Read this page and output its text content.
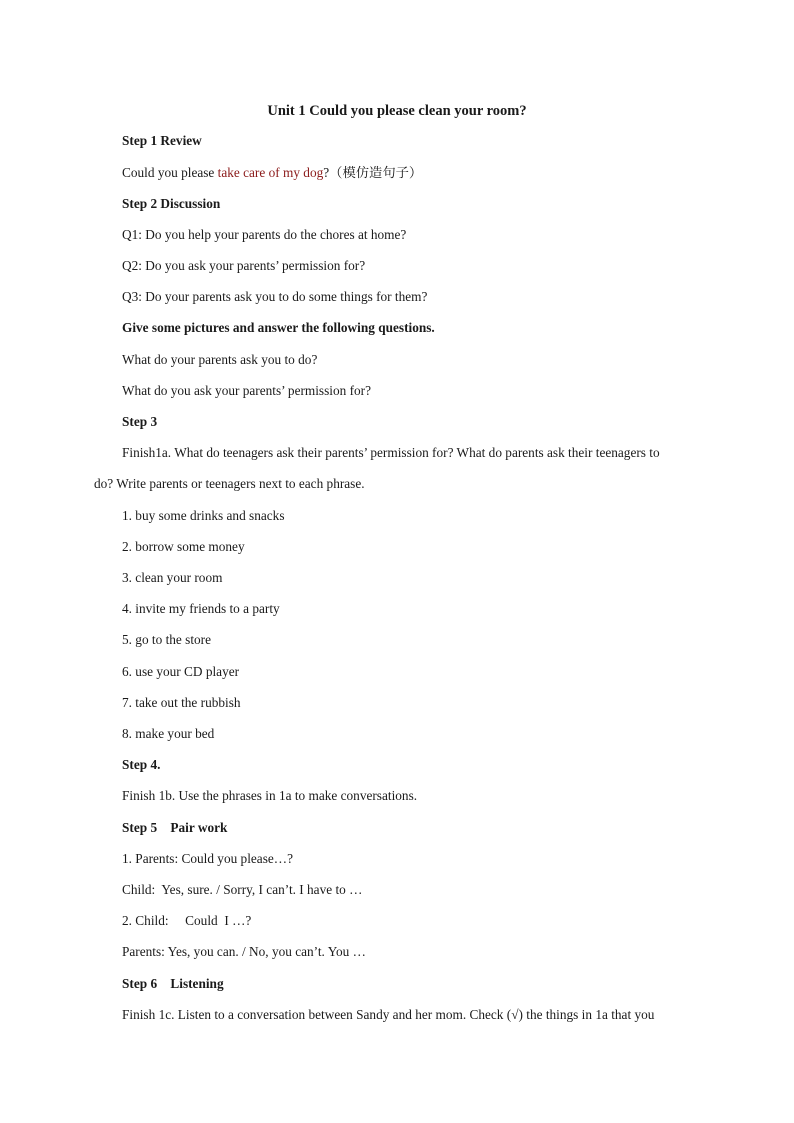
Unit 1 Could you please clean your room?
Step 1 Review
Could you please take care of my dog?（模仿造句子）
Step 2 Discussion
Q1: Do you help your parents do the chores at home?
Q2: Do you ask your parents’ permission for?
Q3: Do your parents ask you to do some things for them?
Give some pictures and answer the following questions.
What do your parents ask you to do?
What do you ask your parents’ permission for?
Step 3
Finish1a. What do teenagers ask their parents’ permission for? What do parents ask their teenagers to
do? Write parents or teenagers next to each phrase.
1. buy some drinks and snacks
2. borrow some money
3. clean your room
4. invite my friends to a party
5. go to the store
6. use your CD player
7. take out the rubbish
8. make your bed
Step 4.
Finish 1b. Use the phrases in 1a to make conversations.
Step 5    Pair work
1. Parents: Could you please…?
Child:  Yes, sure. / Sorry, I can’t. I have to …
2. Child:     Could  I …?
Parents: Yes, you can. / No, you can’t. You …
Step 6    Listening
Finish 1c. Listen to a conversation between Sandy and her mom. Check (√) the things in 1a that you
